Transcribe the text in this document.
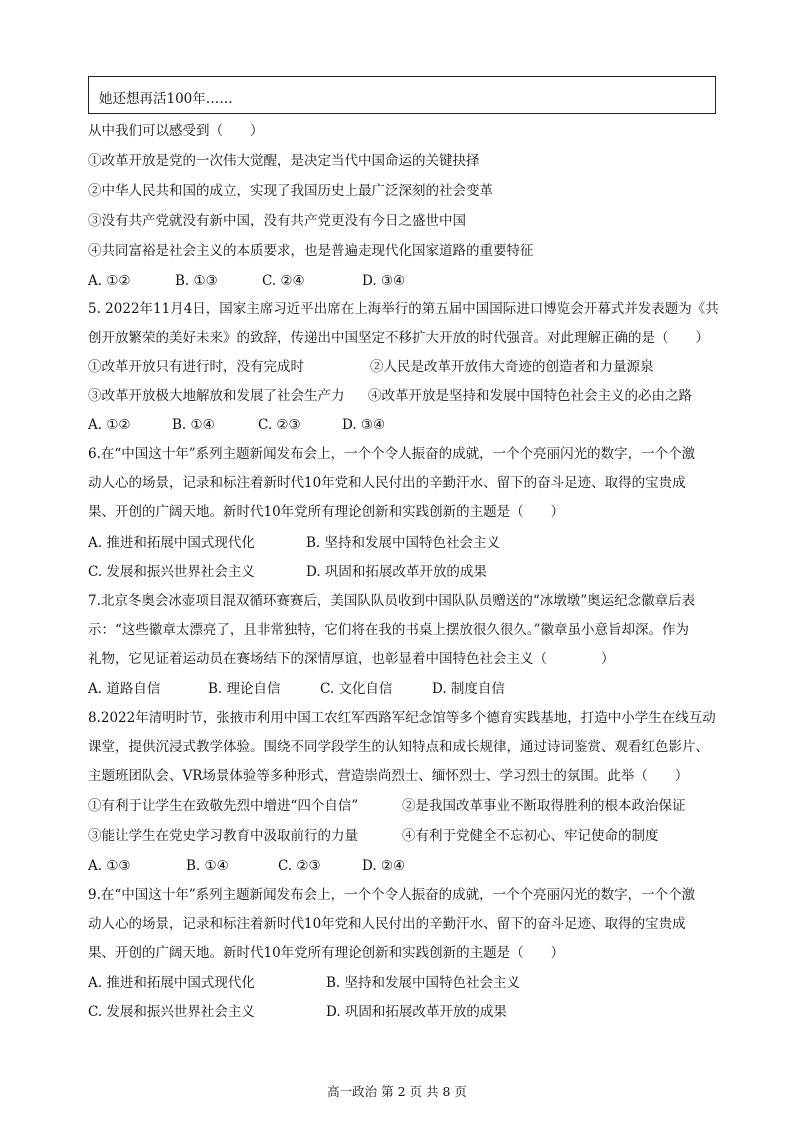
她还想再活100年……
从中我们可以感受到（　　）
①改革开放是党的一次伟大觉醒，是决定当代中国命运的关键抉择
②中华人民共和国的成立，实现了我国历史上最广泛深刻的社会变革
③没有共产党就没有新中国，没有共产党更没有今日之盛世中国
④共同富裕是社会主义的本质要求，也是普遍走现代化国家道路的重要特征
A. ①②	B. ①③	C. ②④	D. ③④
5. 2022年11月4日，国家主席习近平出席在上海举行的第五届中国国际进口博览会开幕式并发表题为《共
创开放繁荣的美好未来》的致辞，传递出中国坚定不移扩大开放的时代强音。对此理解正确的是（　　）
①改革开放只有进行时，没有完成时	②人民是改革开放伟大奇迹的创造者和力量源泉
③改革开放极大地解放和发展了社会生产力 ④改革开放是坚持和发展中国特色社会主义的必由之路
A. ①②	B. ①④	C. ②③	D. ③④
6.在“中国这十年”系列主题新闻发布会上，一个个令人振奋的成就，一个个亮丽闪光的数字，一个个激
动人心的场景，记录和标注着新时代10年党和人民付出的辛勤汗水、留下的奋斗足迹、取得的宝贵成
果、开创的广阔天地。新时代10年党所有理论创新和实践创新的主题是（　　）
A. 推进和拓展中国式现代化	B. 坚持和发展中国特色社会主义
C. 发展和振兴世界社会主义	D. 巩固和拓展改革开放的成果
7.北京冬奥会冰壶项目混双循环赛赛后，美国队队员收到中国队队员赠送的“冰墩墩”奥运纪念徽章后表
示：“这些徽章太漂亮了，且非常独特，它们将在我的书桌上摆放很久很久。”徽章虽小意旨却深。作为
礼物，它见证着运动员在赛场结下的深情厚谊，也彰显着中国特色社会主义（　　　　）
A. 道路自信	B. 理论自信	C. 文化自信	D. 制度自信
8.2022年清明时节，张掖市利用中国工农红军西路军纪念馆等多个德育实践基地，打造中小学生在线互动
课堂，提供沉浸式教学体验。围绕不同学段学生的认知特点和成长规律，通过诗词鉴赏、观看红色影片、
主题班团队会、VR场景体验等多种形式，营造崇尚烈士、缅怀烈士、学习烈士的氛围。此举（　　）
①有利于让学生在致敬先烈中增进“四个自信”	②是我国改革事业不断取得胜利的根本政治保证
③能让学生在党史学习教育中汲取前行的力量	④有利于党健全不忘初心、牢记使命的制度
A. ①③	B. ①④	C. ②③	D. ②④
9.在“中国这十年”系列主题新闻发布会上，一个个令人振奋的成就，一个个亮丽闪光的数字，一个个激
动人心的场景，记录和标注着新时代10年党和人民付出的辛勤汗水、留下的奋斗足迹、取得的宝贵成
果、开创的广阔天地。新时代10年党所有理论创新和实践创新的主题是（　　）
A. 推进和拓展中国式现代化	B. 坚持和发展中国特色社会主义
C. 发展和振兴世界社会主义	D. 巩固和拓展改革开放的成果
高一政治 第 2 页 共 8 页
